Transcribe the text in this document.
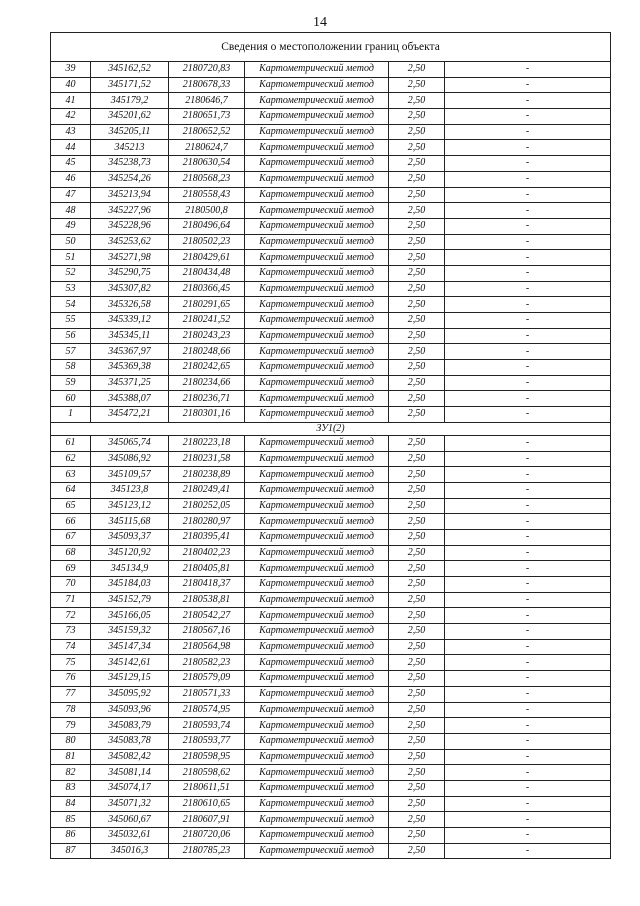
14
Сведения о местоположении границ объекта					
39	345162,52	2180720,83	Картометрический метод	2,50	-
40	345171,52	2180678,33	Картометрический метод	2,50	-
41	345179,2	2180646,7	Картометрический метод	2,50	-
42	345201,62	2180651,73	Картометрический метод	2,50	-
43	345205,11	2180652,52	Картометрический метод	2,50	-
44	345213	2180624,7	Картометрический метод	2,50	-
45	345238,73	2180630,54	Картометрический метод	2,50	-
46	345254,26	2180568,23	Картометрический метод	2,50	-
47	345213,94	2180558,43	Картометрический метод	2,50	-
48	345227,96	2180500,8	Картометрический метод	2,50	-
49	345228,96	2180496,64	Картометрический метод	2,50	-
50	345253,62	2180502,23	Картометрический метод	2,50	-
51	345271,98	2180429,61	Картометрический метод	2,50	-
52	345290,75	2180434,48	Картометрический метод	2,50	-
53	345307,82	2180366,45	Картометрический метод	2,50	-
54	345326,58	2180291,65	Картометрический метод	2,50	-
55	345339,12	2180241,52	Картометрический метод	2,50	-
56	345345,11	2180243,23	Картометрический метод	2,50	-
57	345367,97	2180248,66	Картометрический метод	2,50	-
58	345369,38	2180242,65	Картометрический метод	2,50	-
59	345371,25	2180234,66	Картометрический метод	2,50	-
60	345388,07	2180236,71	Картометрический метод	2,50	-
1	345472,21	2180301,16	Картометрический метод	2,50	-
ЗУ1(2)					
61	345065,74	2180223,18	Картометрический метод	2,50	-
62	345086,92	2180231,58	Картометрический метод	2,50	-
63	345109,57	2180238,89	Картометрический метод	2,50	-
64	345123,8	2180249,41	Картометрический метод	2,50	-
65	345123,12	2180252,05	Картометрический метод	2,50	-
66	345115,68	2180280,97	Картометрический метод	2,50	-
67	345093,37	2180395,41	Картометрический метод	2,50	-
68	345120,92	2180402,23	Картометрический метод	2,50	-
69	345134,9	2180405,81	Картометрический метод	2,50	-
70	345184,03	2180418,37	Картометрический метод	2,50	-
71	345152,79	2180538,81	Картометрический метод	2,50	-
72	345166,05	2180542,27	Картометрический метод	2,50	-
73	345159,32	2180567,16	Картометрический метод	2,50	-
74	345147,34	2180564,98	Картометрический метод	2,50	-
75	345142,61	2180582,23	Картометрический метод	2,50	-
76	345129,15	2180579,09	Картометрический метод	2,50	-
77	345095,92	2180571,33	Картометрический метод	2,50	-
78	345093,96	2180574,95	Картометрический метод	2,50	-
79	345083,79	2180593,74	Картометрический метод	2,50	-
80	345083,78	2180593,77	Картометрический метод	2,50	-
81	345082,42	2180598,95	Картометрический метод	2,50	-
82	345081,14	2180598,62	Картометрический метод	2,50	-
83	345074,17	2180611,51	Картометрический метод	2,50	-
84	345071,32	2180610,65	Картометрический метод	2,50	-
85	345060,67	2180607,91	Картометрический метод	2,50	-
86	345032,61	2180720,06	Картометрический метод	2,50	-
87	345016,3	2180785,23	Картометрический метод	2,50	-
